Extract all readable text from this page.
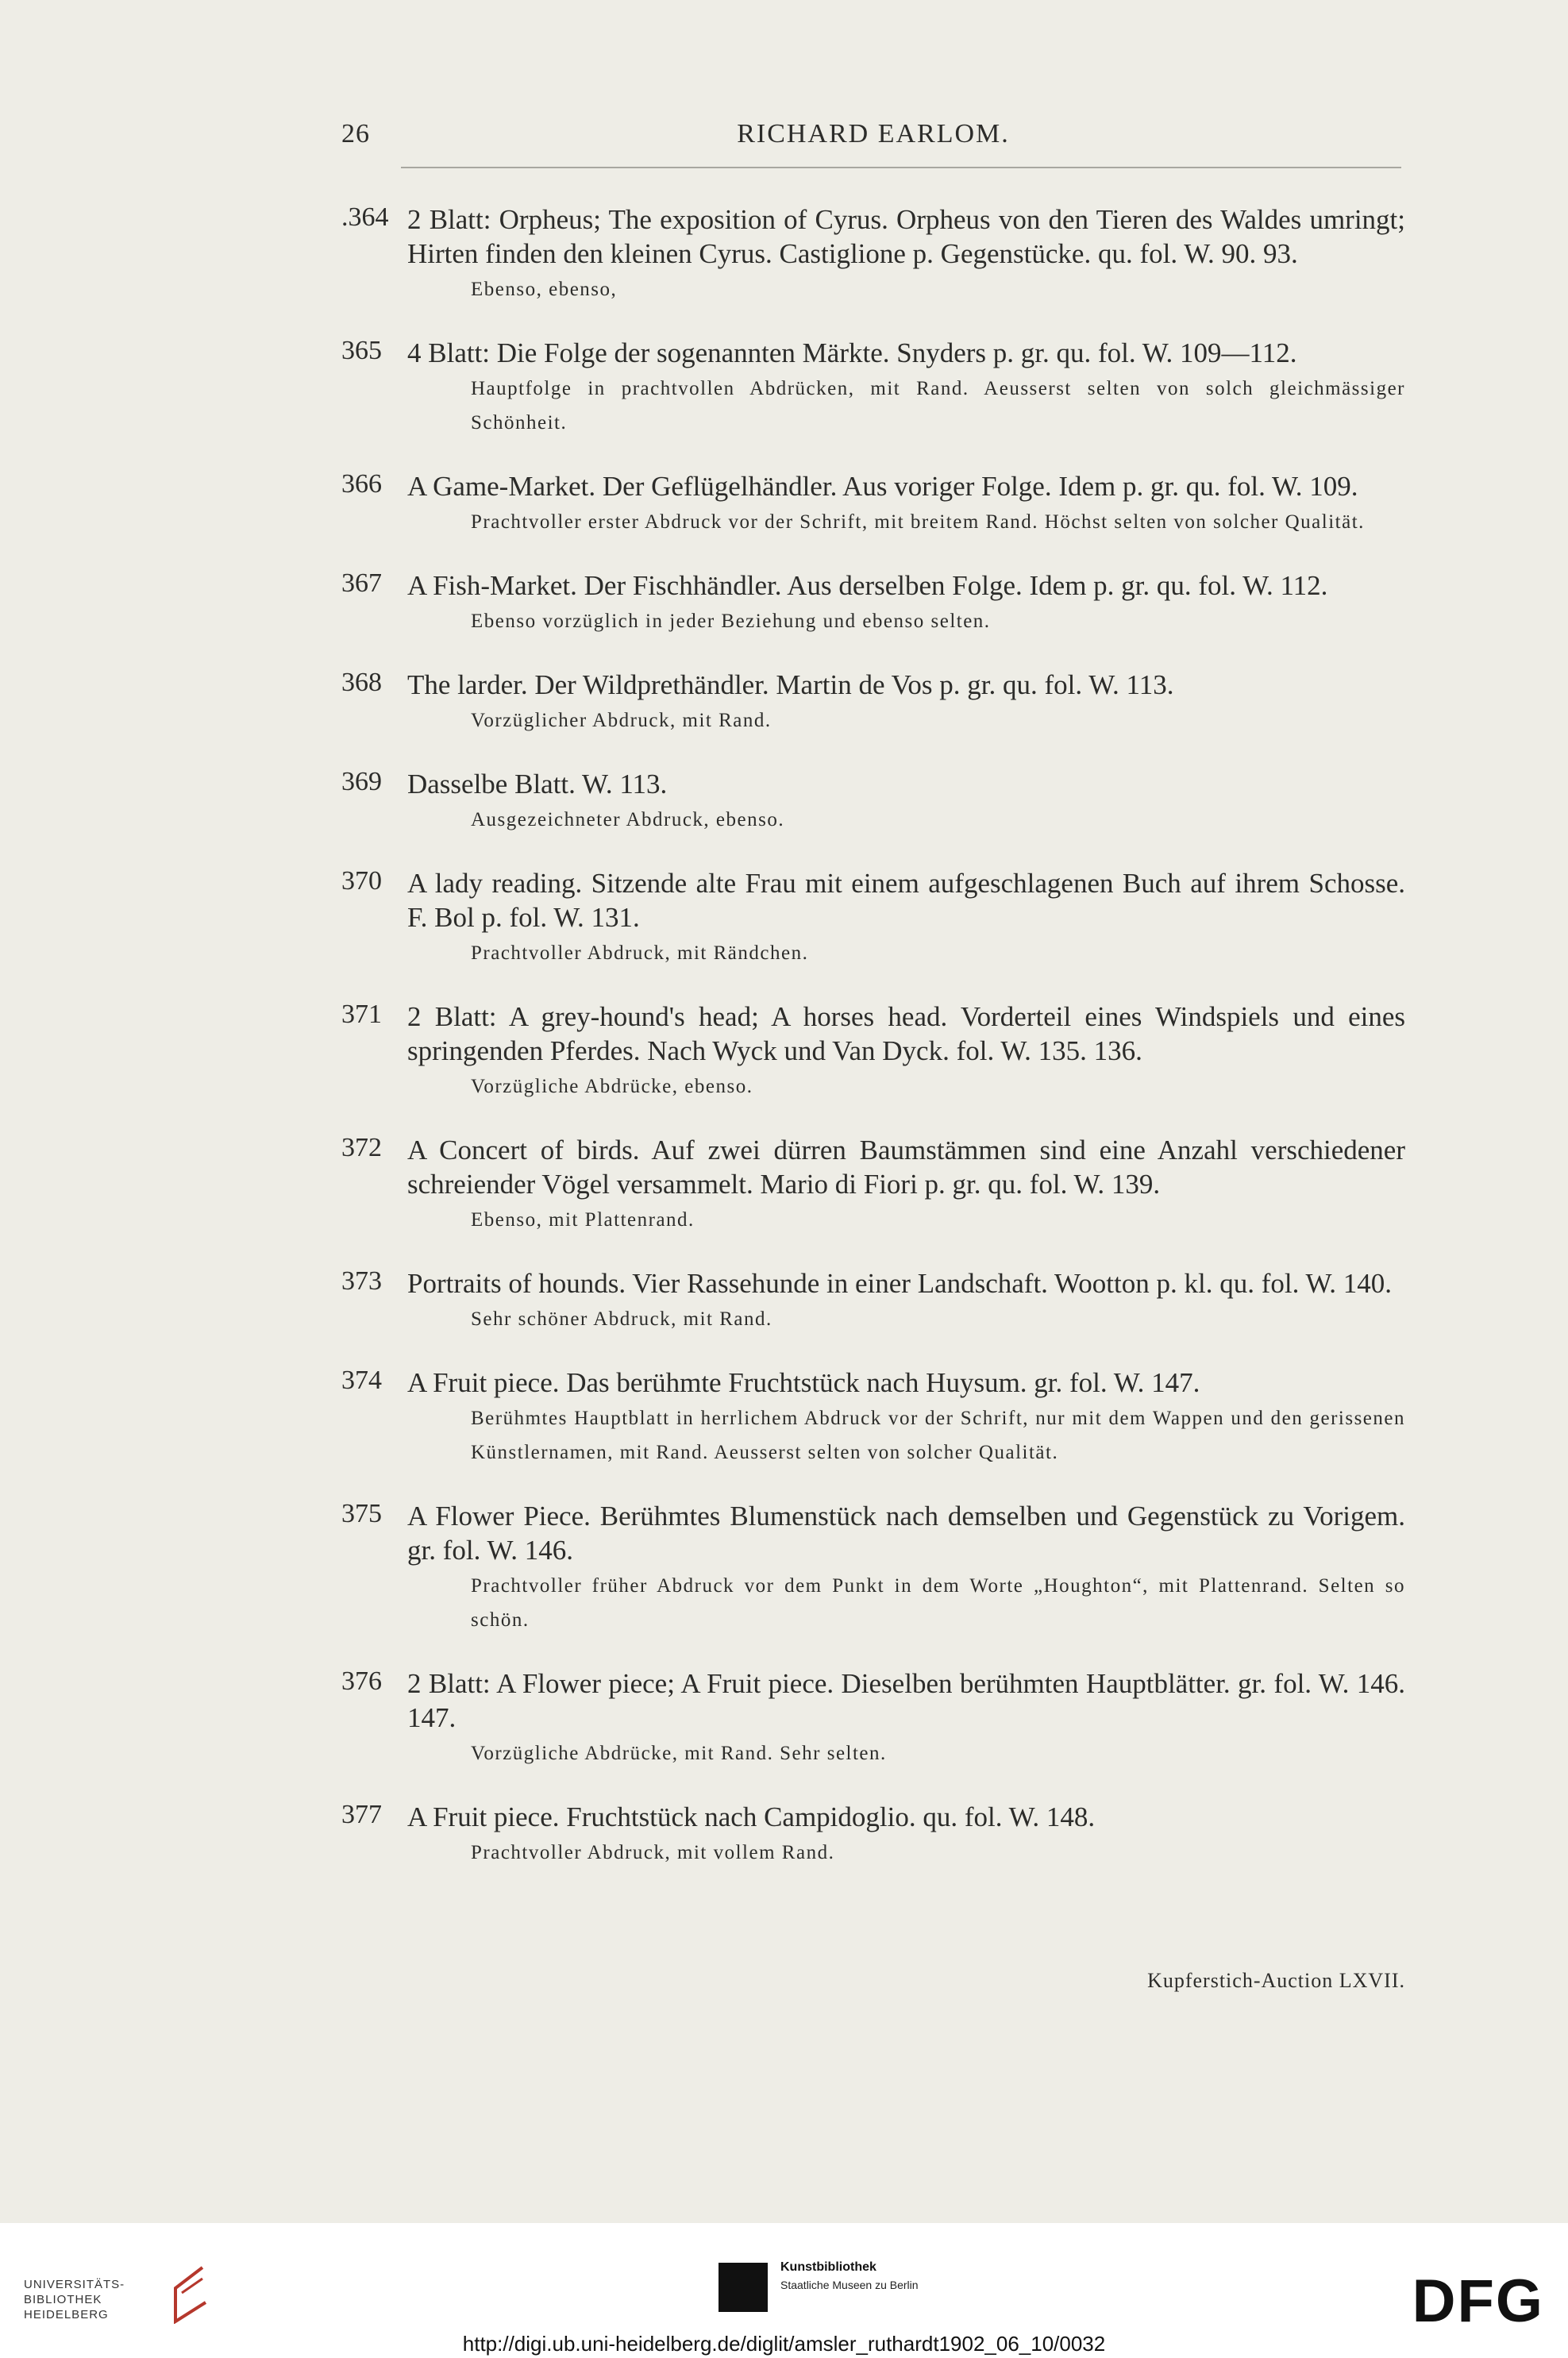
26	RICHARD EARLOM.
.364 2 Blatt: Orpheus; The exposition of Cyrus. Orpheus von den Tieren des Waldes umringt; Hirten finden den kleinen Cyrus. Castiglione p. Gegenstücke. qu. fol. W. 90. 93.
Ebenso, ebenso,
365 4 Blatt: Die Folge der sogenannten Märkte. Snyders p. gr. qu. fol. W. 109—112.
Hauptfolge in prachtvollen Abdrücken, mit Rand. Aeusserst selten von solch gleichmässiger Schönheit.
366 A Game-Market. Der Geflügelhändler. Aus voriger Folge. Idem p. gr. qu. fol. W. 109.
Prachtvoller erster Abdruck vor der Schrift, mit breitem Rand. Höchst selten von solcher Qualität.
367 A Fish-Market. Der Fischhändler. Aus derselben Folge. Idem p. gr. qu. fol. W. 112.
Ebenso vorzüglich in jeder Beziehung und ebenso selten.
368 The larder. Der Wildprethändler. Martin de Vos p. gr. qu. fol. W. 113.
Vorzüglicher Abdruck, mit Rand.
369 Dasselbe Blatt. W. 113.
Ausgezeichneter Abdruck, ebenso.
370 A lady reading. Sitzende alte Frau mit einem aufgeschlagenen Buch auf ihrem Schosse. F. Bol p. fol. W. 131.
Prachtvoller Abdruck, mit Rändchen.
371 2 Blatt: A grey-hound's head; A horses head. Vorderteil eines Windspiels und eines springenden Pferdes. Nach Wyck und Van Dyck. fol. W. 135. 136.
Vorzügliche Abdrücke, ebenso.
372 A Concert of birds. Auf zwei dürren Baumstämmen sind eine Anzahl verschiedener schreiender Vögel versammelt. Mario di Fiori p. gr. qu. fol. W. 139.
Ebenso, mit Plattenrand.
373 Portraits of hounds. Vier Rassehunde in einer Landschaft. Wootton p. kl. qu. fol. W. 140.
Sehr schöner Abdruck, mit Rand.
374 A Fruit piece. Das berühmte Fruchtstück nach Huysum. gr. fol. W. 147.
Berühmtes Hauptblatt in herrlichem Abdruck vor der Schrift, nur mit dem Wappen und den gerissenen Künstlernamen, mit Rand. Aeusserst selten von solcher Qualität.
375 A Flower Piece. Berühmtes Blumenstück nach demselben und Gegenstück zu Vorigem. gr. fol. W. 146.
Prachtvoller früher Abdruck vor dem Punkt in dem Worte „Houghton“, mit Plattenrand. Selten so schön.
376 2 Blatt: A Flower piece; A Fruit piece. Dieselben berühmten Hauptblätter. gr. fol. W. 146. 147.
Vorzügliche Abdrücke, mit Rand. Sehr selten.
377 A Fruit piece. Fruchtstück nach Campidoglio. qu. fol. W. 148.
Prachtvoller Abdruck, mit vollem Rand.
Kupferstich-Auction LXVII.
UNIVERSITÄTS-
BIBLIOTHEK
HEIDELBERG
Kunstbibliothek
Staatliche Museen zu Berlin	DFG
http://digi.ub.uni-heidelberg.de/diglit/amsler_ruthardt1902_06_10/0032
